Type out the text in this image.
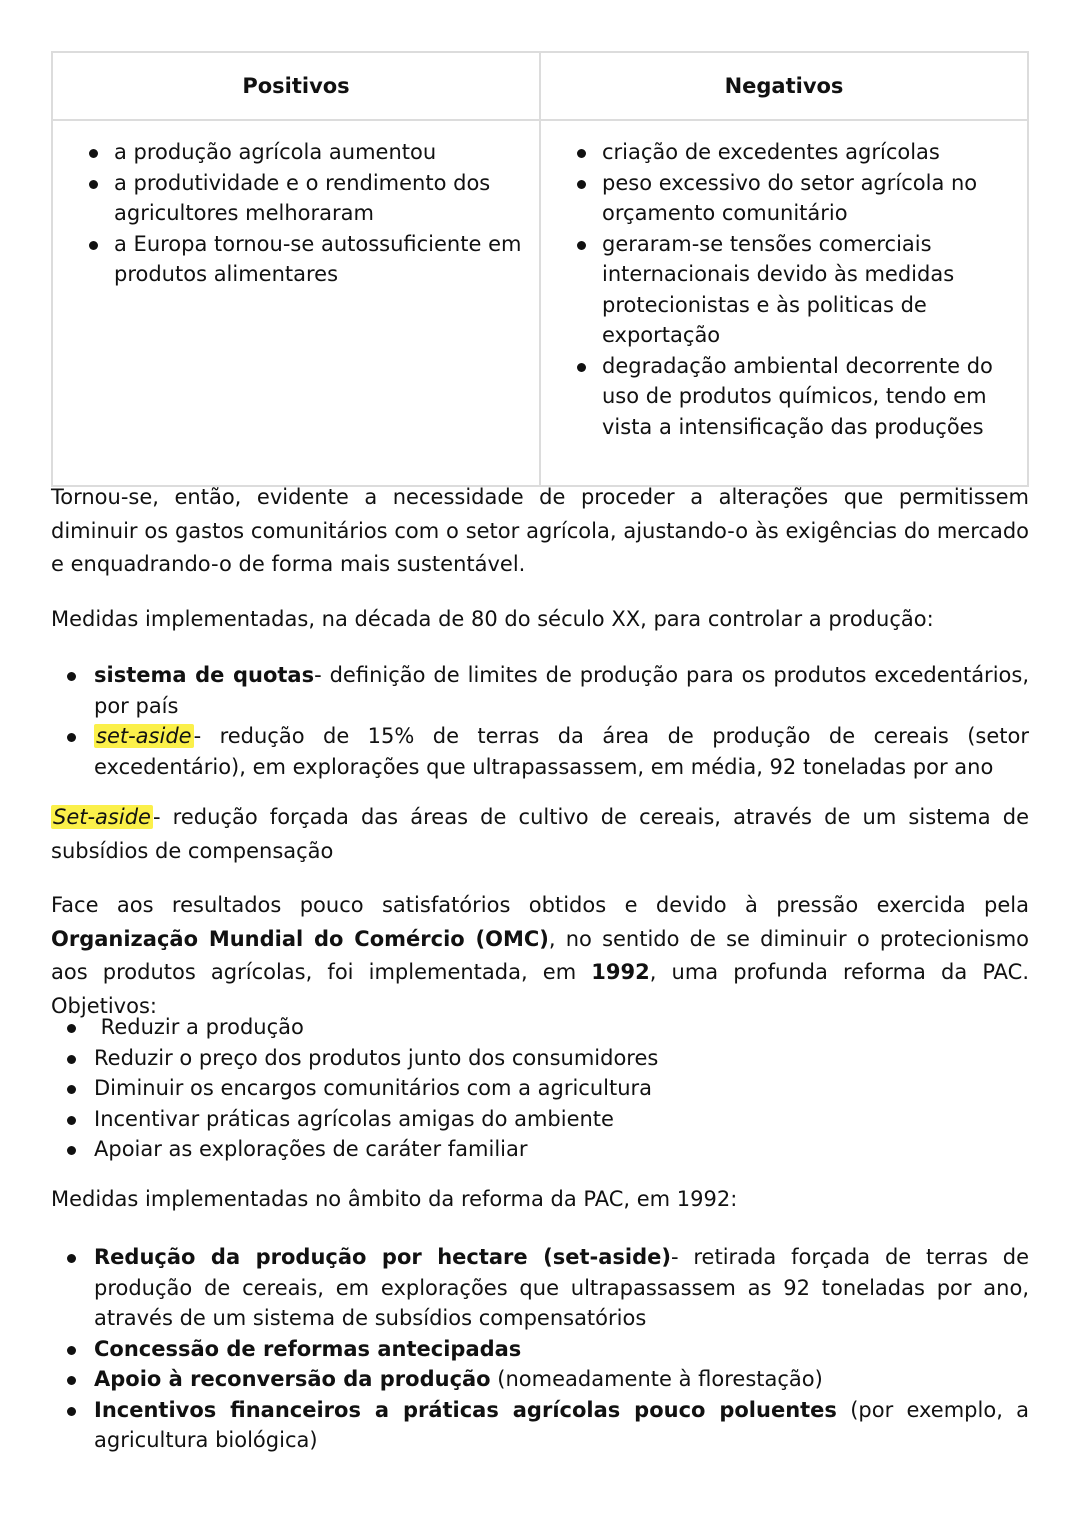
Positivos	Negativos

a produção agrícola aumentou
a produtividade e o rendimento dos agricultores melhoraram
a Europa tornou-se autossuficiente em produtos alimentares

criação de excedentes agrícolas
peso excessivo do setor agrícola no orçamento comunitário
geraram-se tensões comerciais internacionais devido às medidas protecionistas e às politicas de exportação
degradação ambiental decorrente do uso de produtos químicos, tendo em vista a intensificação das produções

Tornou-se, então, evidente a necessidade de proceder a alterações que permitissem diminuir os gastos comunitários com o setor agrícola, ajustando-o às exigências do mercado e enquadrando-o de forma mais sustentável.

Medidas implementadas, na década de 80 do século XX, para controlar a produção:

sistema de quotas- definição de limites de produção para os produtos excedentários, por país
set-aside- redução de 15% de terras da área de produção de cereais (setor excedentário), em explorações que ultrapassassem, em média, 92 toneladas por ano

Set-aside- redução forçada das áreas de cultivo de cereais, através de um sistema de subsídios de compensação

Face aos resultados pouco satisfatórios obtidos e devido à pressão exercida pela Organização Mundial do Comércio (OMC), no sentido de se diminuir o protecionismo aos produtos agrícolas, foi implementada, em 1992, uma profunda reforma da PAC. Objetivos:

Reduzir a produção
Reduzir o preço dos produtos junto dos consumidores
Diminuir os encargos comunitários com a agricultura
Incentivar práticas agrícolas amigas do ambiente
Apoiar as explorações de caráter familiar

Medidas implementadas no âmbito da reforma da PAC, em 1992:

Redução da produção por hectare (set-aside)- retirada forçada de terras de produção de cereais, em explorações que ultrapassassem as 92 toneladas por ano, através de um sistema de subsídios compensatórios
Concessão de reformas antecipadas
Apoio à reconversão da produção (nomeadamente à florestação)
Incentivos financeiros a práticas agrícolas pouco poluentes (por exemplo, a agricultura biológica)
